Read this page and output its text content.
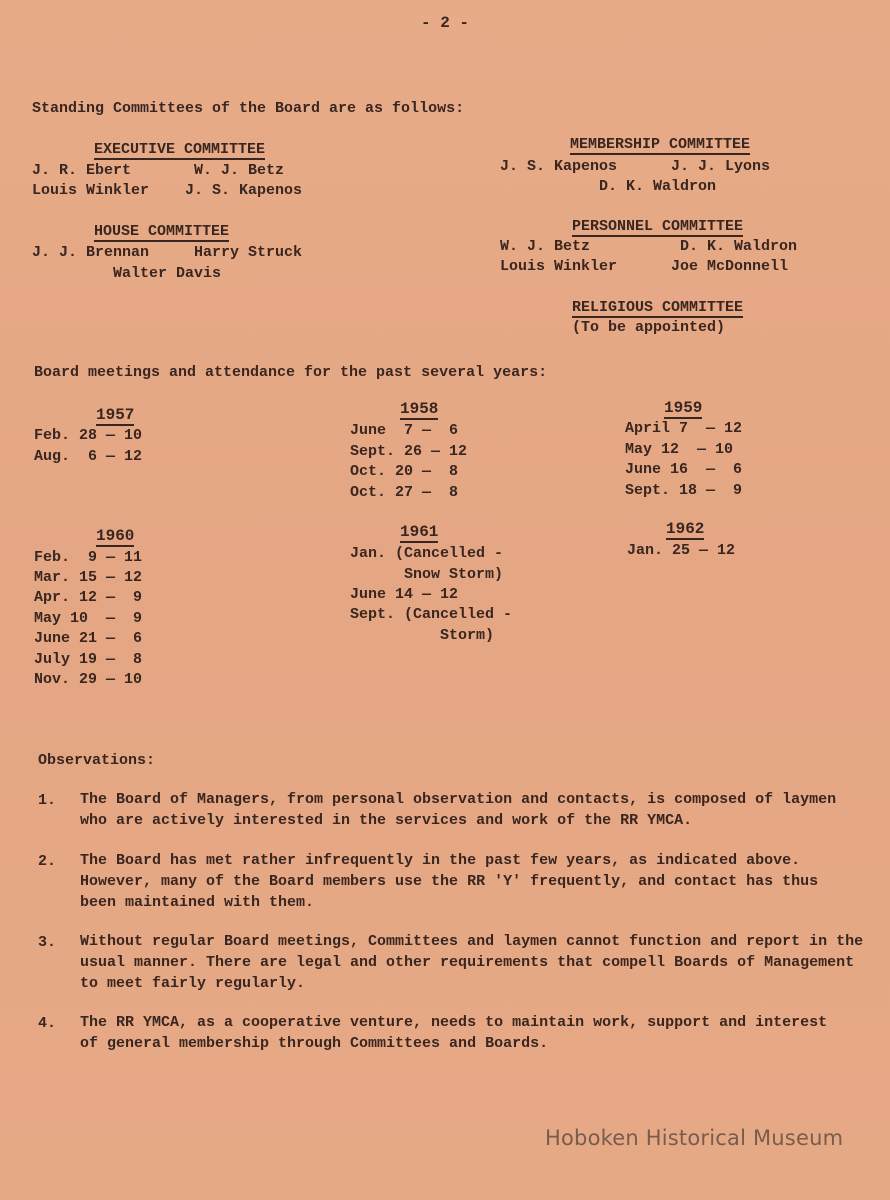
- 2 -
Standing Committees of the Board are as follows:
EXECUTIVE COMMITTEE
J. R. Ebert       W. J. Betz
Louis Winkler    J. S. Kapenos
HOUSE COMMITTEE
J. J. Brennan     Harry Struck
Walter Davis
MEMBERSHIP COMMITTEE
J. S. Kapenos      J. J. Lyons
D. K. Waldron
PERSONNEL COMMITTEE
W. J. Betz          D. K. Waldron
Louis Winkler      Joe McDonnell
RELIGIOUS COMMITTEE
(To be appointed)
Board meetings and attendance for the past several years:
1957
Feb. 28 — 10
Aug.  6 — 12
1958
June  7 —  6
Sept. 26 — 12
Oct. 20 —  8
Oct. 27 —  8
1959
April 7  — 12
May 12  — 10
June 16  —  6
Sept. 18 —  9
1960
Feb.  9 — 11
Mar. 15 — 12
Apr. 12 —  9
May 10  —  9
June 21 —  6
July 19 —  8
Nov. 29 — 10
1961
Jan. (Cancelled -
Snow Storm)
June 14 — 12
Sept. (Cancelled -
Storm)
1962
Jan. 25 — 12
Observations:
1. The Board of Managers, from personal observation and contacts, is composed of laymen who are actively interested in the services and work of the RR YMCA.
2. The Board has met rather infrequently in the past few years, as indicated above. However, many of the Board members use the RR 'Y' frequently, and contact has thus been maintained with them.
3. Without regular Board meetings, Committees and laymen cannot function and report in the usual manner. There are legal and other requirements that compell Boards of Management to meet fairly regularly.
4. The RR YMCA, as a cooperative venture, needs to maintain work, support and interest of general membership through Committees and Boards.
Hoboken Historical Museum
